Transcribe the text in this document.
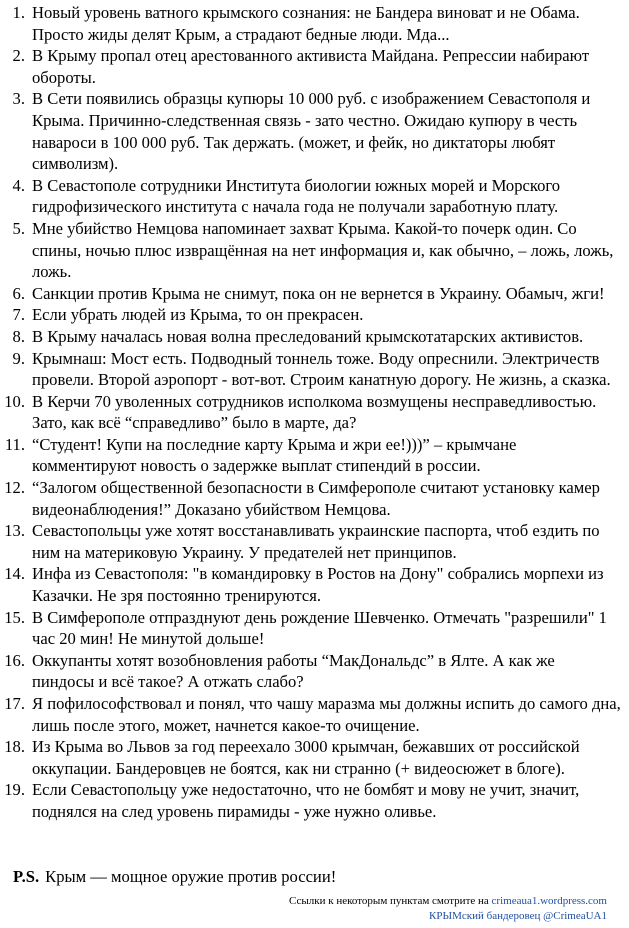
1. Новый уровень ватного крымского сознания: не Бандера виноват и не Обама. Просто жиды делят Крым, а страдают бедные люди. Мда...
2. В Крыму пропал отец арестованного активиста Майдана. Репрессии набирают обороты.
3. В Сети появились образцы купюры 10 000 руб. с изображением Севастополя и Крыма. Причинно-следственная связь - зато честно. Ожидаю купюру в честь навароси в 100 000 руб. Так держать. (может, и фейк, но диктаторы любят символизм).
4. В Севастополе сотрудники Института биологии южных морей и Морского гидрофизического института с начала года не получали заработную плату.
5. Мне убийство Немцова напоминает захват Крыма. Какой-то почерк один. Со спины, ночью плюс извращённая на нет информация и, как обычно, – ложь, ложь, ложь.
6. Санкции против Крыма не снимут, пока он не вернется в Украину. Обамыч, жги!
7. Если убрать людей из Крыма, то он прекрасен.
8. В Крыму началась новая волна преследований крымскотатарских активистов.
9. Крымнаш: Мост есть. Подводный тоннель тоже. Воду опреснили. Электричеств провели. Второй аэропорт - вот-вот. Строим канатную дорогу. Не жизнь, а сказка.
10. В Керчи 70 уволенных сотрудников исполкома возмущены несправедливостью. Зато, как всё “справедливо” было в марте, да?
11. “Студент! Купи на последние карту Крыма и жри ее!)))” – крымчане комментируют новость о задержке выплат стипендий в россии.
12. “Залогом общественной безопасности в Симферополе считают установку камер видеонаблюдения!” Доказано убийством Немцова.
13. Севастопольцы уже хотят восстанавливать украинские паспорта, чтоб ездить по ним на материковую Украину. У предателей нет принципов.
14. Инфа из Севастополя: "в командировку в Ростов на Дону" собрались морпехи из Казачки. Не зря постоянно тренируются.
15. В Симферополе отпразднуют день рождение Шевченко. Отмечать "разрешили" 1 час 20 мин! Не минутой дольше!
16. Оккупанты хотят возобновления работы “МакДональдс” в Ялте. А как же пиндосы и всё такое? А отжать слабо?
17. Я пофилософствовал и понял, что чашу маразма мы должны испить до самого дна, лишь после этого, может, начнется какое-то очищение.
18. Из Крыма во Львов за год переехало 3000 крымчан, бежавших от российской оккупации. Бандеровцев не боятся, как ни странно (+ видеосюжет в блоге).
19. Если Севастопольцу уже недостаточно, что не бомбят и мову не учит, значит, поднялся на след уровень пирамиды - уже нужно оливье.
P.S. Крым — мощное оружие против россии!
Ссылки к некоторым пунктам смотрите на crimeaua1.wordpress.com
КРЫМский бандеровец @CrimeaUA1
